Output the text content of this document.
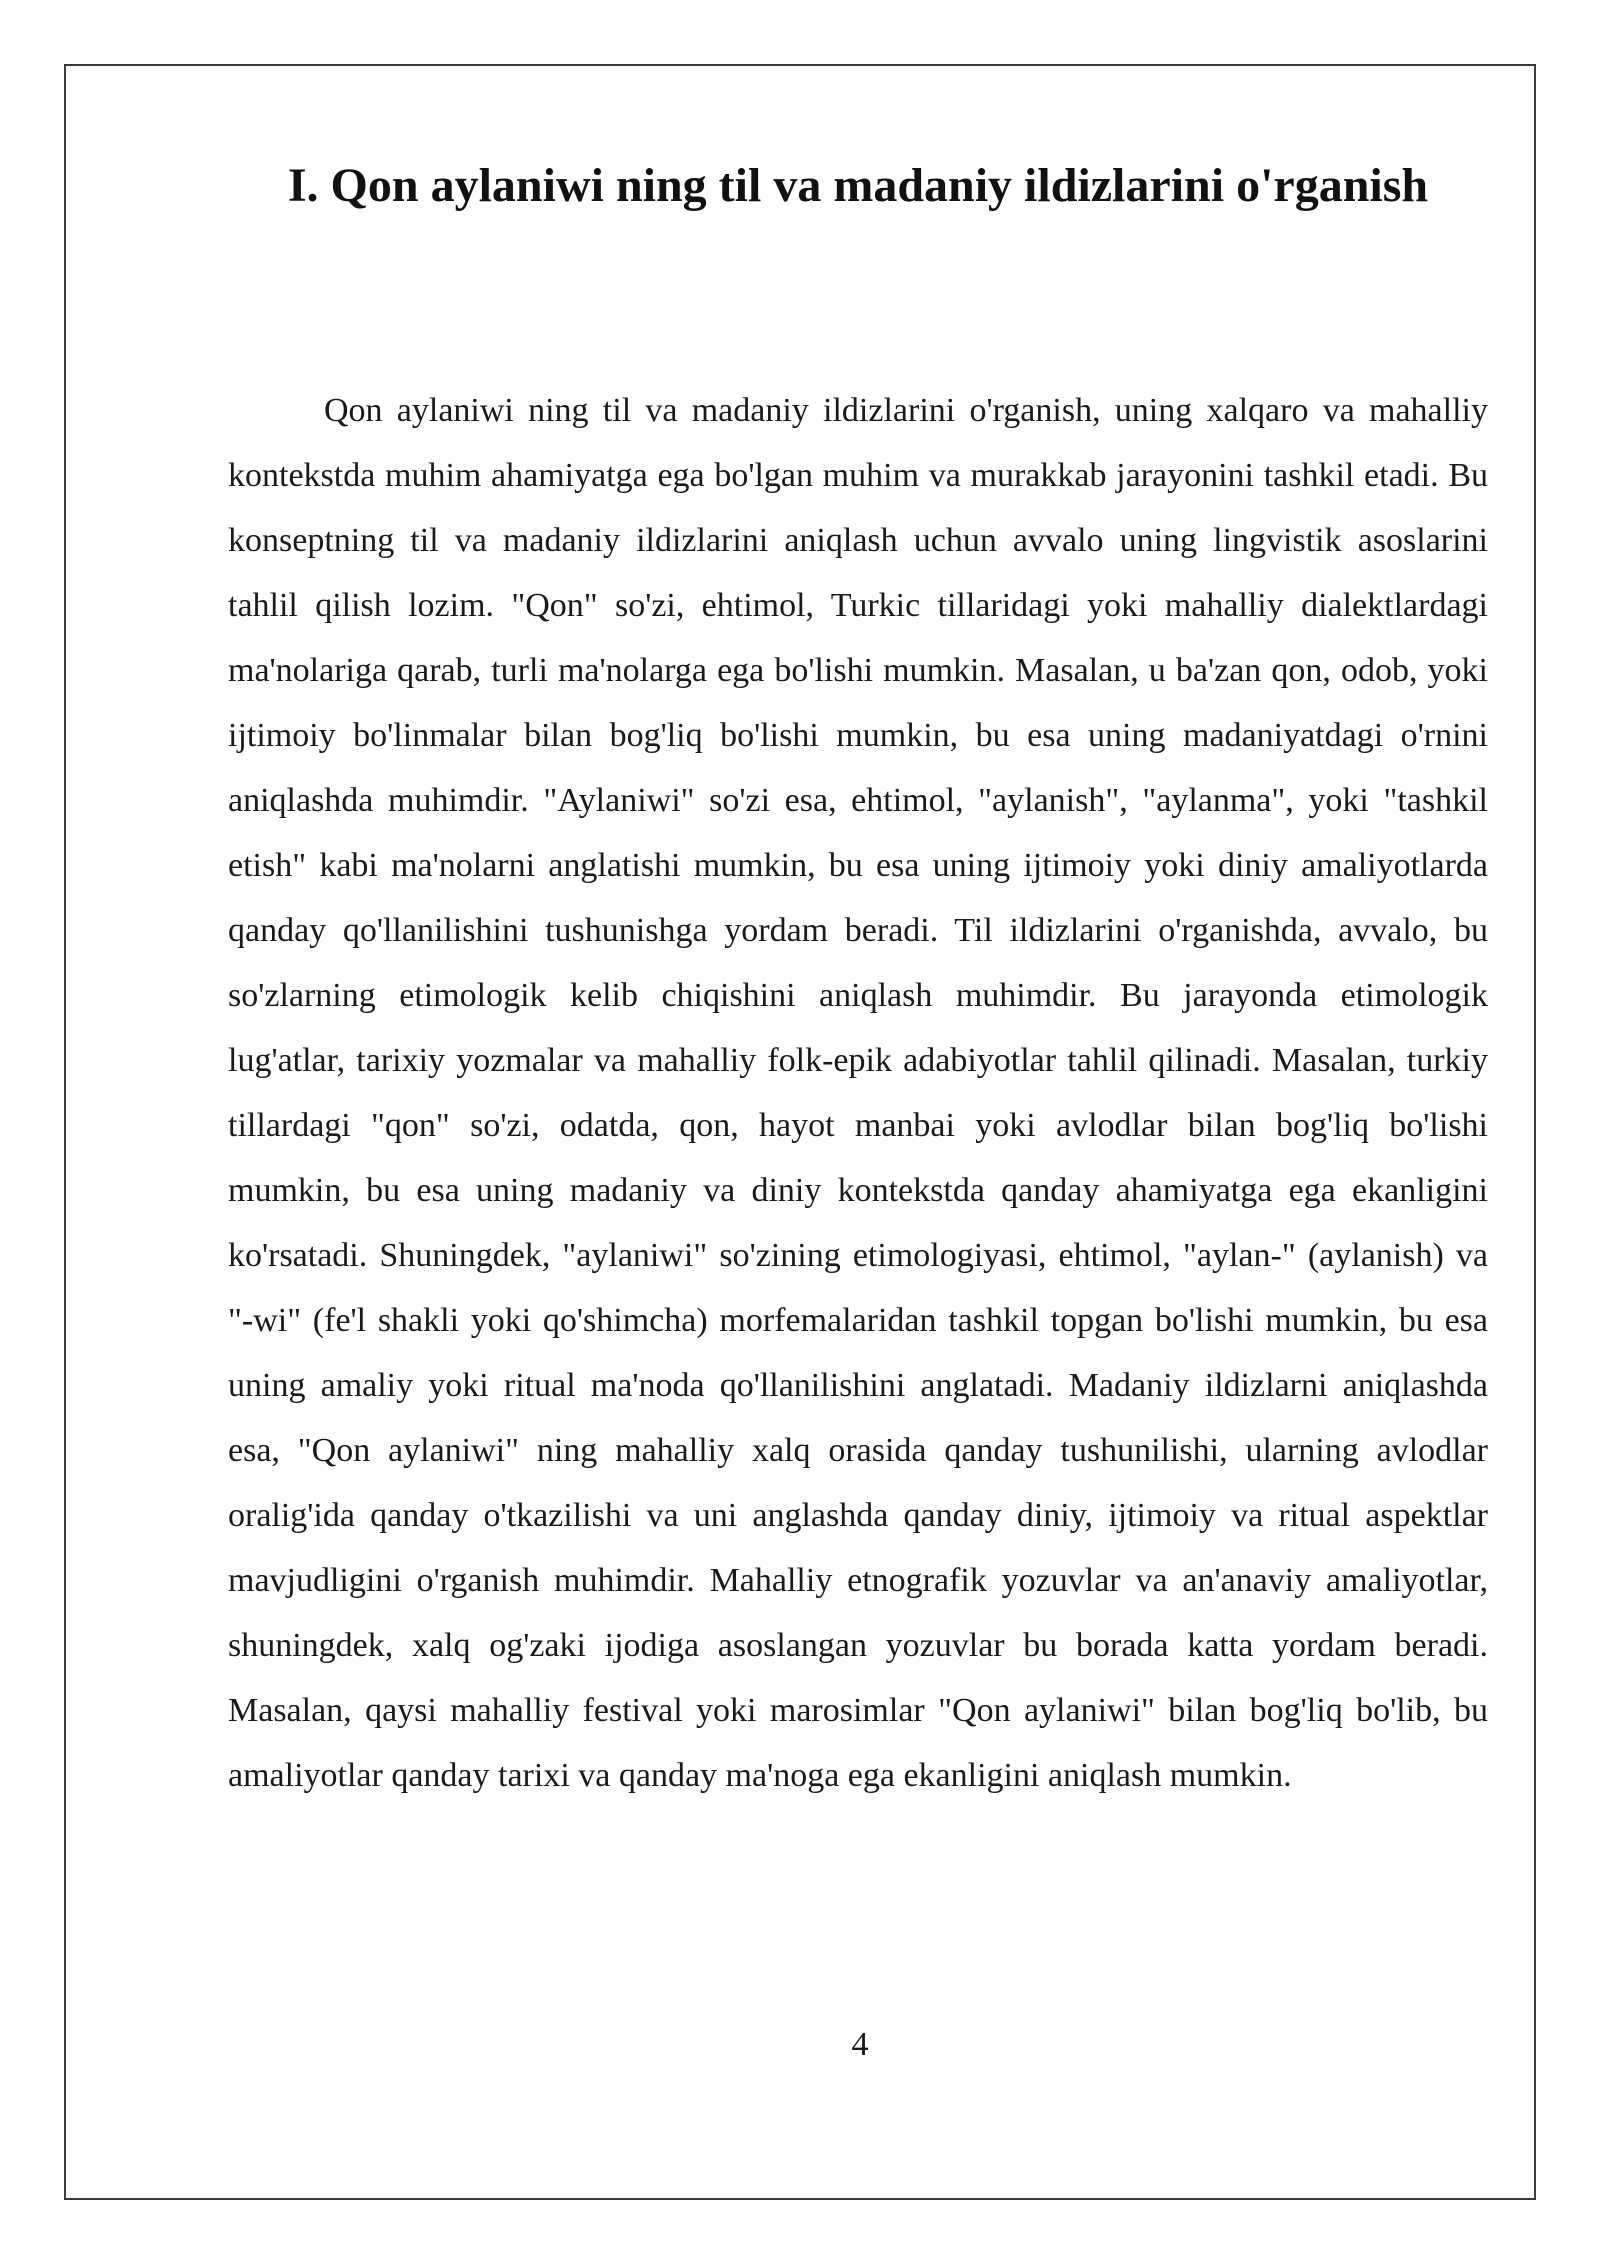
I. Qon aylaniwi ning til va madaniy ildizlarini o'rganish

Qon aylaniwi ning til va madaniy ildizlarini o'rganish, uning xalqaro va mahalliy kontekstda muhim ahamiyatga ega bo'lgan muhim va murakkab jarayonini tashkil etadi. Bu konseptning til va madaniy ildizlarini aniqlash uchun avvalo uning lingvistik asoslarini tahlil qilish lozim. "Qon" so'zi, ehtimol, Turkic tillaridagi yoki mahalliy dialektlardagi ma'nolariga qarab, turli ma'nolarga ega bo'lishi mumkin. Masalan, u ba'zan qon, odob, yoki ijtimoiy bo'linmalar bilan bog'liq bo'lishi mumkin, bu esa uning madaniyatdagi o'rnini aniqlashda muhimdir. "Aylaniwi" so'zi esa, ehtimol, "aylanish", "aylanma", yoki "tashkil etish" kabi ma'nolarni anglatishi mumkin, bu esa uning ijtimoiy yoki diniy amaliyotlarda qanday qo'llanilishini tushunishga yordam beradi. Til ildizlarini o'rganishda, avvalo, bu so'zlarning etimologik kelib chiqishini aniqlash muhimdir. Bu jarayonda etimologik lug'atlar, tarixiy yozmalar va mahalliy folk-epik adabiyotlar tahlil qilinadi. Masalan, turkiy tillardagi "qon" so'zi, odatda, qon, hayot manbai yoki avlodlar bilan bog'liq bo'lishi mumkin, bu esa uning madaniy va diniy kontekstda qanday ahamiyatga ega ekanligini ko'rsatadi. Shuningdek, "aylaniwi" so'zining etimologiyasi, ehtimol, "aylan-" (aylanish) va "-wi" (fe'l shakli yoki qo'shimcha) morfemalaridan tashkil topgan bo'lishi mumkin, bu esa uning amaliy yoki ritual ma'noda qo'llanilishini anglatadi. Madaniy ildizlarni aniqlashda esa, "Qon aylaniwi" ning mahalliy xalq orasida qanday tushunilishi, ularning avlodlar oralig'ida qanday o'tkazilishi va uni anglashda qanday diniy, ijtimoiy va ritual aspektlar mavjudligini o'rganish muhimdir. Mahalliy etnografik yozuvlar va an'anaviy amaliyotlar, shuningdek, xalq og'zaki ijodiga asoslangan yozuvlar bu borada katta yordam beradi. Masalan, qaysi mahalliy festival yoki marosimlar "Qon aylaniwi" bilan bog'liq bo'lib, bu amaliyotlar qanday tarixi va qanday ma'noga ega ekanligini aniqlash mumkin.

4
